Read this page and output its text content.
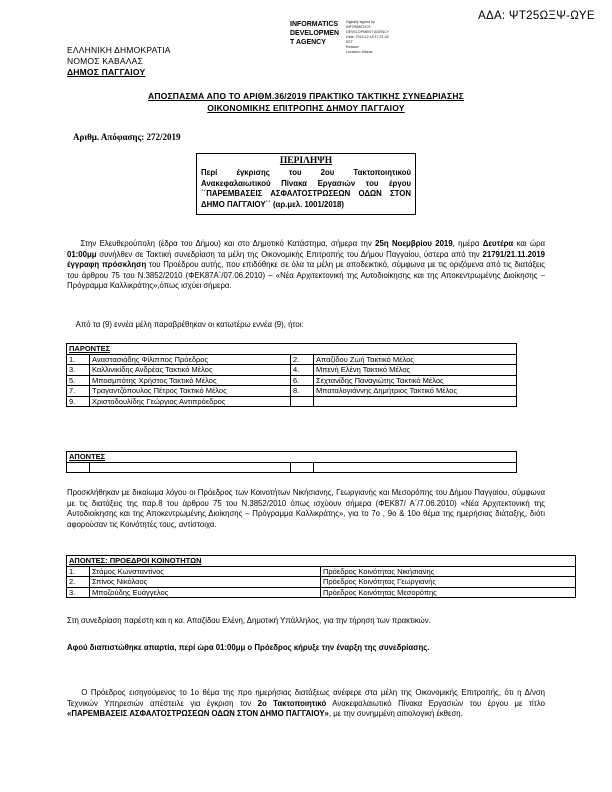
ΑΔΑ: ΨΤ25ΩΞΨ-ΩΥΕ
INFORMATICS
DEVELOPMEN
T AGENCY
Digitally signed by
INFORMATICS
DEVELOPMENT AGENCY
Date: 2019.12.18 17:21:25
EET
Reason:
Location: Athens
ΕΛΛΗΝΙΚΗ ΔΗΜΟΚΡΑΤΙΑ
ΝΟΜΟΣ ΚΑΒΑΛΑΣ
ΔΗΜΟΣ ΠΑΓΓΑΙΟΥ
ΑΠΟΣΠΑΣΜΑ ΑΠΟ ΤΟ ΑΡΙΘΜ.36/2019 ΠΡΑΚΤΙΚΟ ΤΑΚΤΙΚΗΣ ΣΥΝΕΔΡΙΑΣΗΣ
ΟΙΚΟΝΟΜΙΚΗΣ ΕΠΙΤΡΟΠΗΣ ΔΗΜΟΥ ΠΑΓΓΑΙΟΥ
Αριθμ. Απόφασης: 272/2019
ΠΕΡΙΛΗΨΗ
Περί έγκρισης του 2ου Τακτοποιητικού Ανακεφαλαιωτικού Πίνακα Εργασιών του έργου ΄΄ΠΑΡΕΜΒΑΣΕΙΣ ΑΣΦΑΛΤΟΣΤΡΩΣΕΩΝ ΟΔΩΝ ΣΤΟΝ ΔΗΜΟ ΠΑΓΓΑΙΟΥ΄΄ (αρ.μελ. 1001/2018)
Στην Ελευθερούπολη (έδρα του Δήμου) και στο Δημοτικό Κατάστημα, σήμερα την 25η Νοεμβρίου 2019, ημέρα Δευτέρα και ώρα 01:00μμ συνήλθεν σε Τακτική συνεδρίαση τα μέλη της Οικονομικής Επιτροπής του Δήμου Παγγαίου, ύστερα από την 21791/21.11.2019 έγγραφη πρόσκληση του Προέδρου αυτής, που επιδόθηκε σε όλα τα μέλη με αποδεικτικό, σύμφωνα με τις οριζόμενα από τις διατάξεις του άρθρου 75 του Ν.3852/2010 (ΦΕΚ87Α΄/07.06.2010) – «Νέα Αρχιτεκτονική της Αυτοδιοίκησης και της Αποκεντρωμένης Διοίκησης – Πρόγραμμα Καλλικράτης»,όπως ισχύει σήμερα.
Από τα (9) εννέα μέλη παραβρέθηκαν οι κατωτέρω εννέα (9), ήτοι:
ΠΑΡΟΝΤΕΣ			
1.	Αναστασιάδης Φίλιππος Πρόεδρος	2.	Απαζίδου Ζωή Τακτικό Μέλος
3.	Καλλινικίδης Ανδρέας Τακτικό Μέλος	4.	Μπενή Ελένη Τακτικό Μέλος
5.	Μποσμπότης Χρήστος Τακτικό Μέλος	6.	Σεχτανίδης Παναγιώτης Τακτικό Μέλος
7.	Τραγαντζόπουλος Πέτρος Τακτικό Μέλος	8.	Μπαταλογιάννης Δημήτριος Τακτικό Μέλος
9.	Χριστοδουλίδης Γεώργιος Αντιπρόεδρος		
ΑΠΟΝΤΕΣ

Προσκλήθηκαν με δικαίωμα λόγου οι Πρόεδρος των Κοινοτήτων Νικήσιανης, Γεωργιανής και Μεσορόπης του Δήμου Παγγαίου, σύμφωνα με τις διατάξεις της παρ.8 του άρθρου 75 του Ν.3852/2010 όπως ισχύουν σήμερα (ΦΕΚ87/ Α΄/7.06.2010) «Νέα Αρχιτεκτονική της Αυτοδιοίκησης και της Αποκεντρωμένης Διοίκησης – Πρόγραμμα Καλλικράτης», για το 7ο , 9ο & 10ο θέμα της ημερήσιας διάταξης, διότι αφορούσαν τις Κοινότητές τους, αντίστοιχα.
ΑΠΟΝΤΕΣ: ΠΡΟΕΔΡΟΙ ΚΟΙΝΟΤΗΤΩΝ		
1.	Στάμος Κωνσταντίνος	Πρόεδρος Κοινότητας Νικήσιανης
2.	Σπίνος Νικόλαος	Πρόεδρος Κοινότητας Γεωργιανής
3.	Μποζούδης Ευάγγελος	Πρόεδρος Κοινότητας Μεσορόπης
Στη συνεδρίαση παρέστη και η κα. Απαζίδου Ελένη, Δημοτική Υπάλληλος, για την τήρηση των πρακτικών.
Αφού διαπιστώθηκε απαρτία, περί ώρα 01:00μμ ο Πρόεδρος κήρυξε την έναρξη της συνεδρίασης.
Ο Πρόεδρος εισηγούμενος το 1ο θέμα της προ ημερήσιας διατάξεως ανέφερε στα μέλη της Οικονομικής Επιτροπής, ότι η Δ/νση Τεχνικών Υπηρεσιών απέστειλε για έγκριση τον 2ο Τακτοποιητικό Ανακεφαλαιωτικό Πίνακα Εργασιών του έργου με τίτλο «ΠΑΡΕΜΒΑΣΕΙΣ ΑΣΦΑΛΤΟΣΤΡΩΣΕΩΝ ΟΔΩΝ ΣΤΟΝ ΔΗΜΟ ΠΑΓΓΑΙΟΥ», με την συνημμένη αιτιολογική έκθεση.
